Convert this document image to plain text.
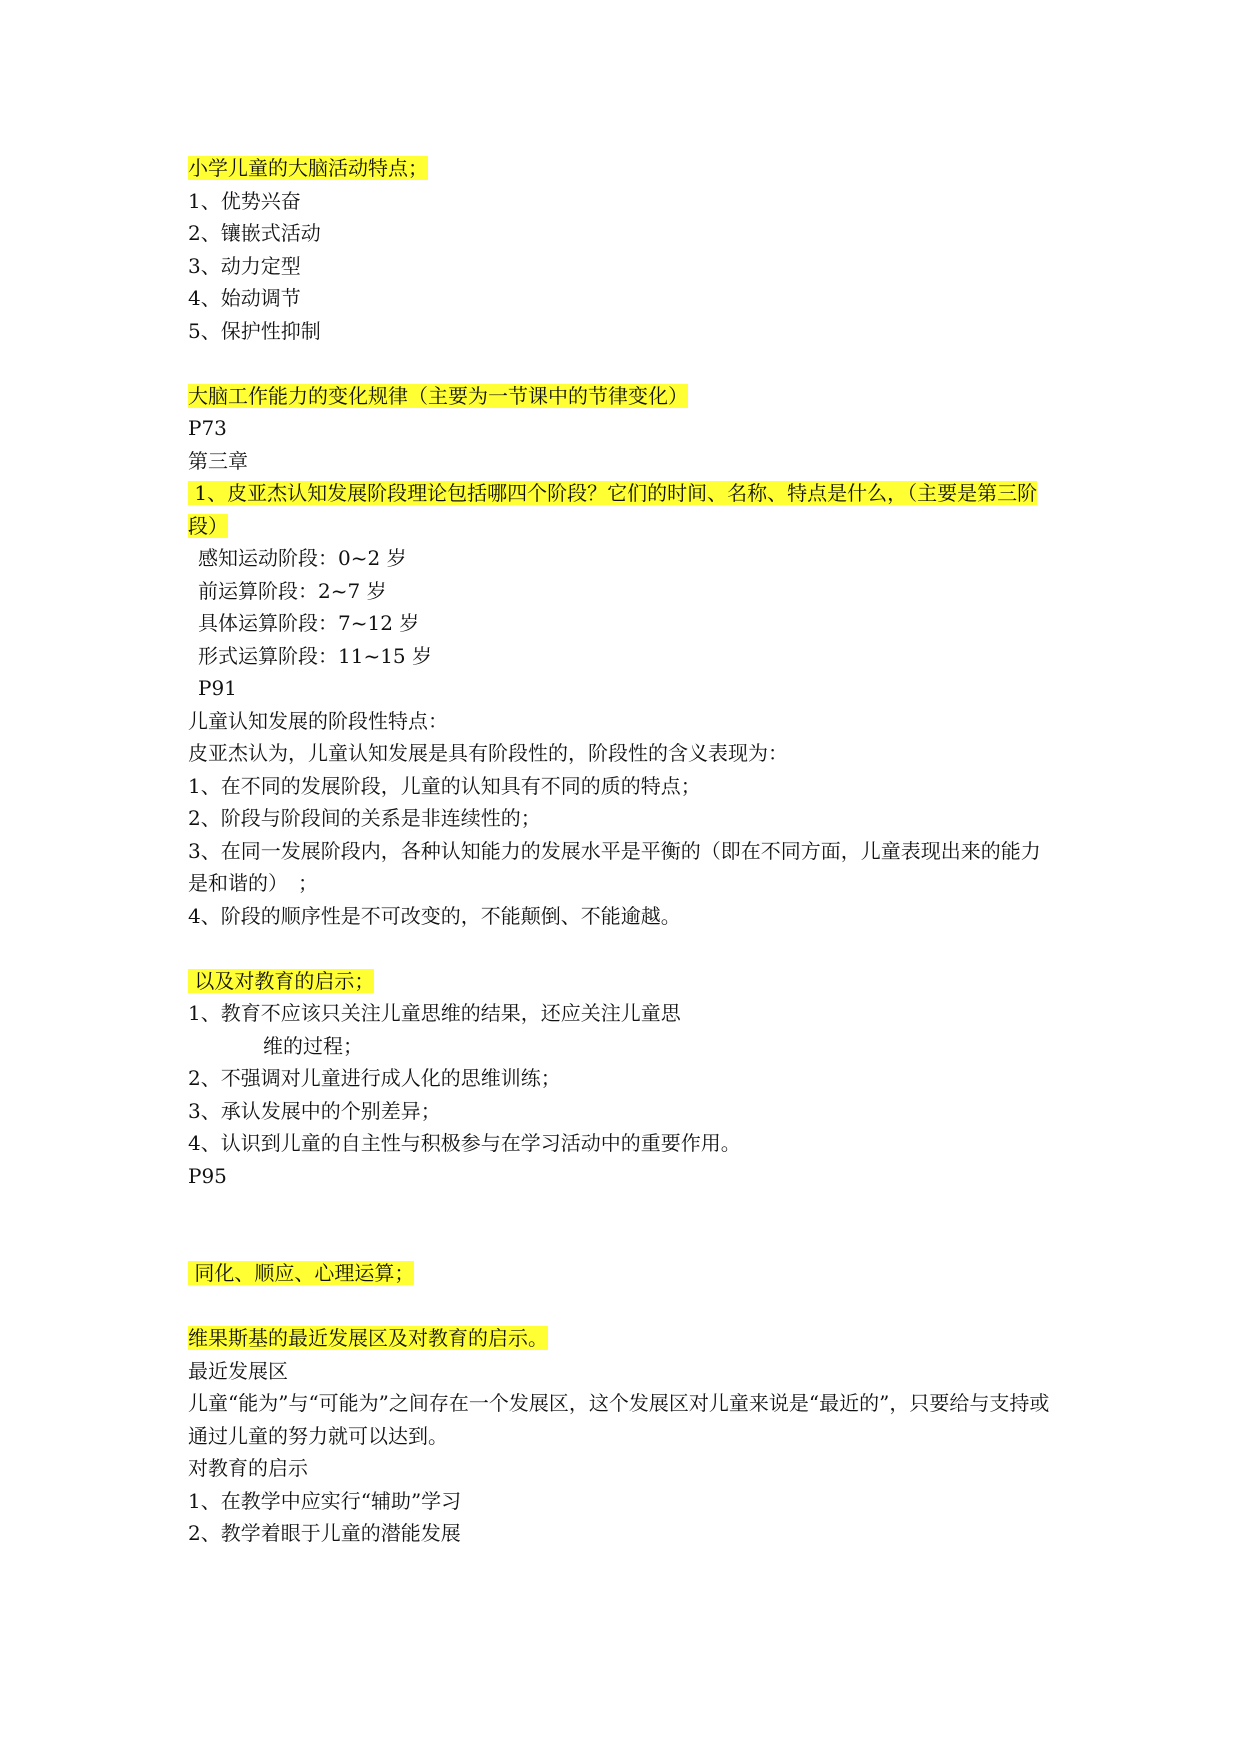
小学儿童的大脑活动特点；

1、优势兴奋

2、镶嵌式活动

3、动力定型

4、始动调节

5、保护性抑制

大脑工作能力的变化规律（主要为一节课中的节律变化）

P73

第三章

1、皮亚杰认知发展阶段理论包括哪四个阶段？它们的时间、名称、特点是什么，（主要是第三阶段）

感知运动阶段：0~2 岁

前运算阶段：2~7 岁

具体运算阶段：7~12 岁

形式运算阶段：11~15 岁

P91

儿童认知发展的阶段性特点：

皮亚杰认为，儿童认知发展是具有阶段性的，阶段性的含义表现为：

1、在不同的发展阶段，儿童的认知具有不同的质的特点；

2、阶段与阶段间的关系是非连续性的；

3、在同一发展阶段内，各种认知能力的发展水平是平衡的（即在不同方面，儿童表现出来的能力是和谐的）　；

4、阶段的顺序性是不可改变的，不能颠倒、不能逾越。

以及对教育的启示；

1、教育不应该只关注儿童思维的结果，还应关注儿童思

维的过程；

2、不强调对儿童进行成人化的思维训练；

3、承认发展中的个别差异；

4、认识到儿童的自主性与积极参与在学习活动中的重要作用。

P95

同化、顺应、心理运算；

维果斯基的最近发展区及对教育的启示。

最近发展区

儿童“能为”与“可能为”之间存在一个发展区，这个发展区对儿童来说是“最近的”，只要给与支持或通过儿童的努力就可以达到。

对教育的启示

1、在教学中应实行“辅助”学习

2、教学着眼于儿童的潜能发展
